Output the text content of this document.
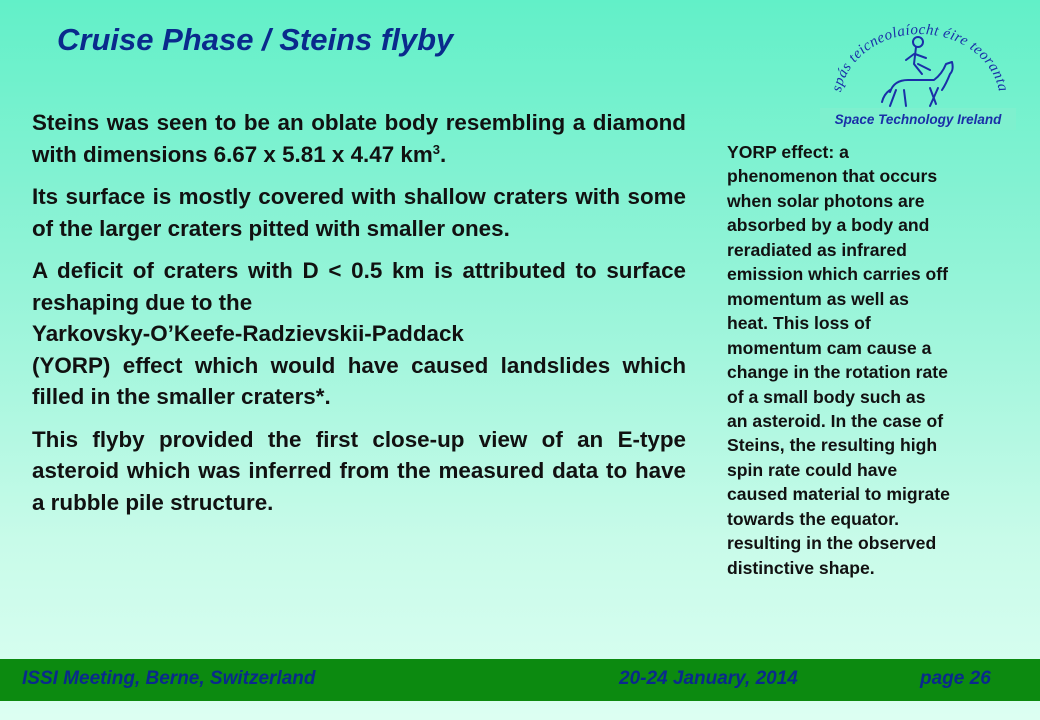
Cruise Phase / Steins flyby
spás teicneolaíocht éire teoranta
Space Technology Ireland

Steins was seen to be an oblate body resembling a diamond with dimensions 6.67 x 5.81 x 4.47 $km^3$.

Its surface is mostly covered with shallow craters with some of the larger craters pitted with smaller ones.

A deficit of craters with D < 0.5 km is attributed to surface reshaping due to the
Yarkovsky-O’Keefe-Radzievskii-Paddack
(YORP) effect which would have caused landslides which filled in the smaller craters*.

This flyby provided the first close-up view of an E-type asteroid which was inferred from the measured data to have a rubble pile structure.

YORP effect: a
phenomenon that occurs
when solar photons are
absorbed by a body and
reradiated as infrared
emission which carries off
momentum as well as
heat. This loss of
momentum cam cause a
change in the rotation rate
of a small body such as
an asteroid. In the case of
Steins, the resulting high
spin rate could have
caused material to migrate
towards the equator.
resulting in the observed
distinctive shape.
ISSI Meeting, Berne, Switzerland	20-24 January, 2014	page 26
